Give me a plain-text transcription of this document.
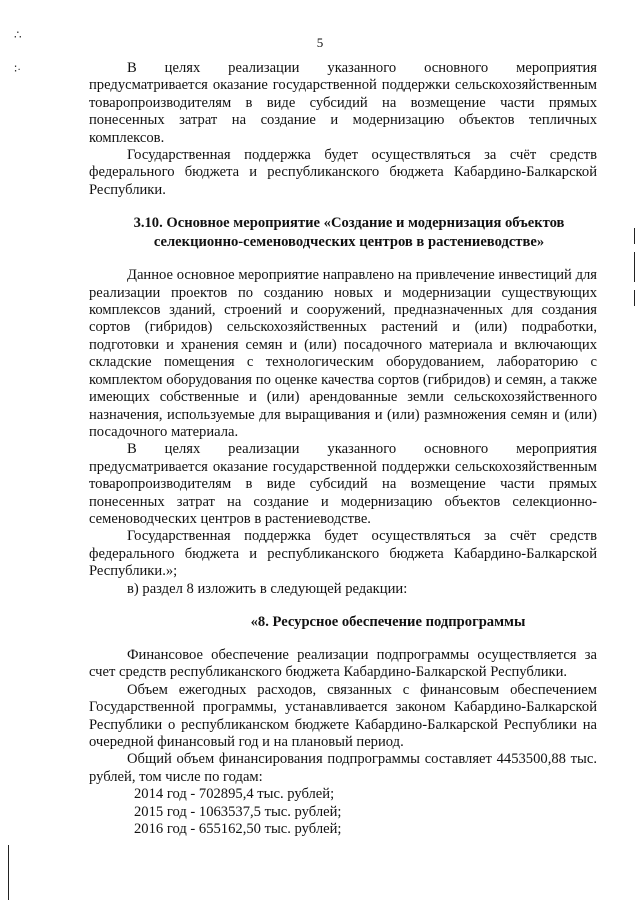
5
∴
∶·	В целях реализации указанного основного мероприятия предусматривается оказание государственной поддержки сельскохозяйственным товаропроизводителям в виде субсидий на возмещение части прямых понесенных затрат на создание и модернизацию объектов тепличных комплексов.

Государственная поддержка будет осуществляться за счёт средств федерального бюджета и республиканского бюджета Кабардино-Балкарской Республики.

3.10. Основное мероприятие «Создание и модернизация объектов селекционно-семеноводческих центров в растениеводстве»

Данное основное мероприятие направлено на привлечение инвестиций для реализации проектов по созданию новых и модернизации существующих комплексов зданий, строений и сооружений, предназначенных для создания сортов (гибридов) сельскохозяйственных растений и (или) подработки, подготовки и хранения семян и (или) посадочного материала и включающих складские помещения с технологическим оборудованием, лабораторию с комплектом оборудования по оценке качества сортов (гибридов) и семян, а также имеющих собственные и (или) арендованные земли сельскохозяйственного назначения, используемые для выращивания и (или) размножения семян и (или) посадочного материала.

В целях реализации указанного основного мероприятия предусматривается оказание государственной поддержки сельскохозяйственным товаропроизводителям в виде субсидий на возмещение части прямых понесенных затрат на создание и модернизацию объектов селекционно-семеноводческих центров в растениеводстве.

Государственная поддержка будет осуществляться за счёт средств федерального бюджета и республиканского бюджета Кабардино-Балкарской Республики.»;

в) раздел 8 изложить в следующей редакции:

«8. Ресурсное обеспечение подпрограммы

Финансовое обеспечение реализации подпрограммы осуществляется за счет средств республиканского бюджета Кабардино-Балкарской Республики.

Объем ежегодных расходов, связанных с финансовым обеспечением Государственной программы, устанавливается законом Кабардино-Балкарской Республики о республиканском бюджете Кабардино-Балкарской Республики на очередной финансовый год и на плановый период.

Общий объем финансирования подпрограммы составляет 4453500,88 тыс. рублей, том числе по годам:

2014 год - 702895,4 тыс. рублей;

2015 год - 1063537,5 тыс. рублей;

2016 год - 655162,50 тыс. рублей;
